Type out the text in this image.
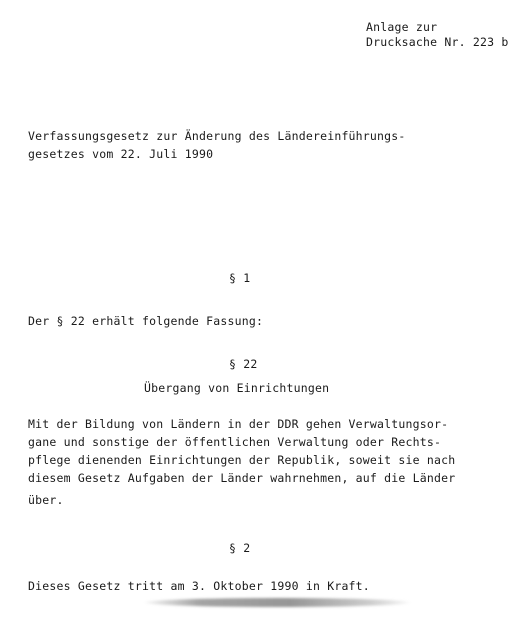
Anlage zur
Drucksache Nr. 223 b
Verfassungsgesetz zur Änderung des Ländereinführungs-
gesetzes vom 22. Juli 1990
§ 1
Der § 22 erhält folgende Fassung:
§ 22
Übergang von Einrichtungen
Mit der Bildung von Ländern in der DDR gehen Verwaltungsor-
gane und sonstige der öffentlichen Verwaltung oder Rechts-
pflege dienenden Einrichtungen der Republik, soweit sie nach
diesem Gesetz Aufgaben der Länder wahrnehmen, auf die Länder
über.
§ 2
Dieses Gesetz tritt am 3. Oktober 1990 in Kraft.
